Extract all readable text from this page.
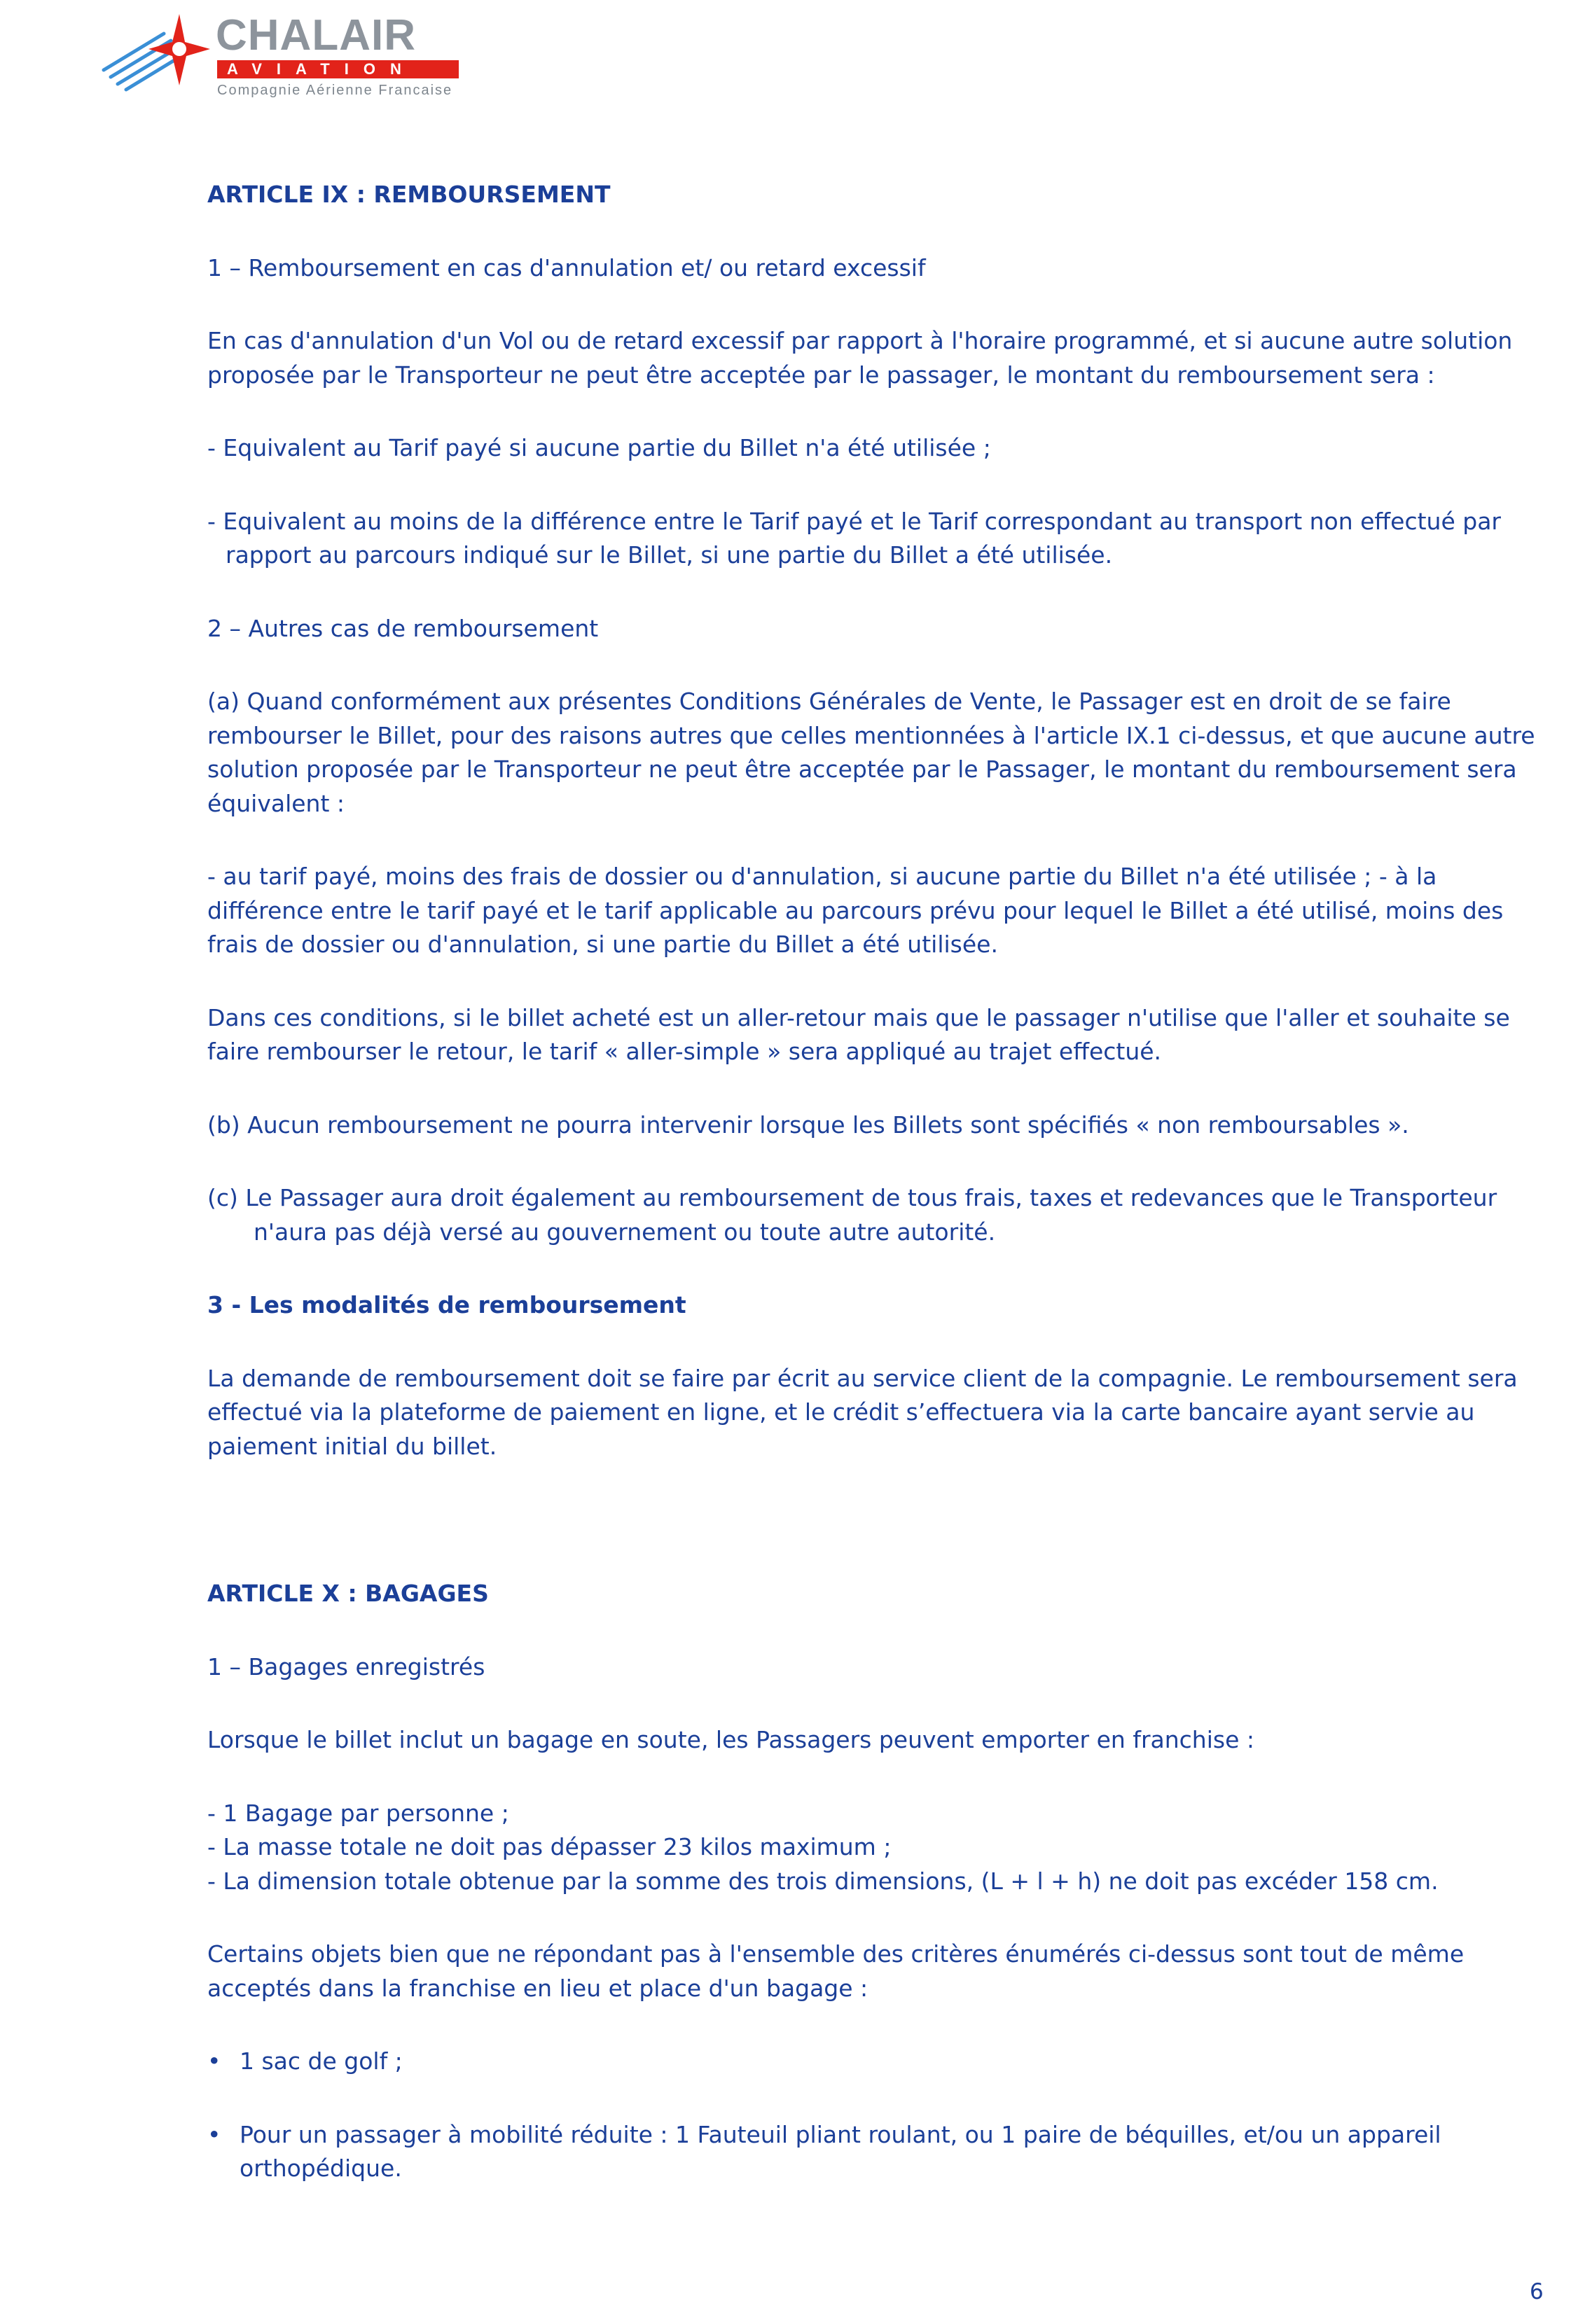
CHALAIR
AVIATION
Compagnie Aérienne Francaise

ARTICLE IX : REMBOURSEMENT

1 – Remboursement en cas d'annulation et/ ou retard excessif

En cas d'annulation d'un Vol ou de retard excessif par rapport à l'horaire programmé, et si aucune autre solution proposée par le Transporteur ne peut être acceptée par le passager, le montant du remboursement sera :

- Equivalent au Tarif payé si aucune partie du Billet n'a été utilisée ;

- Equivalent au moins de la différence entre le Tarif payé et le Tarif correspondant au transport non effectué par rapport au parcours indiqué sur le Billet, si une partie du Billet a été utilisée.

2 – Autres cas de remboursement

(a) Quand conformément aux présentes Conditions Générales de Vente, le Passager est en droit de se faire rembourser le Billet, pour des raisons autres que celles mentionnées à l'article IX.1 ci-dessus, et que aucune autre solution proposée par le Transporteur ne peut être acceptée par le Passager, le montant du remboursement sera équivalent :

- au tarif payé, moins des frais de dossier ou d'annulation, si aucune partie du Billet n'a été utilisée ; - à la différence entre le tarif payé et le tarif applicable au parcours prévu pour lequel le Billet a été utilisé, moins des frais de dossier ou d'annulation, si une partie du Billet a été utilisée.

Dans ces conditions, si le billet acheté est un aller-retour mais que le passager n'utilise que l'aller et souhaite se faire rembourser le retour, le tarif « aller-simple » sera appliqué au trajet effectué.

(b) Aucun remboursement ne pourra intervenir lorsque les Billets sont spécifiés « non remboursables ».

(c) Le Passager aura droit également au remboursement de tous frais, taxes et redevances que le Transporteur n'aura pas déjà versé au gouvernement ou toute autre autorité.

3 - Les modalités de remboursement

La demande de remboursement doit se faire par écrit au service client de la compagnie. Le remboursement sera effectué via la plateforme de paiement en ligne, et le crédit s’effectuera via la carte bancaire ayant servie au paiement initial du billet.

ARTICLE X : BAGAGES

1 – Bagages enregistrés

Lorsque le billet inclut un bagage en soute, les Passagers peuvent emporter en franchise :

- 1 Bagage par personne ;
- La masse totale ne doit pas dépasser 23 kilos maximum ;
- La dimension totale obtenue par la somme des trois dimensions, (L + l + h) ne doit pas excéder 158 cm.

Certains objets bien que ne répondant pas à l'ensemble des critères énumérés ci-dessus sont tout de même acceptés dans la franchise en lieu et place d'un bagage :

• 1 sac de golf ;

• Pour un passager à mobilité réduite : 1 Fauteuil pliant roulant, ou 1 paire de béquilles, et/ou un appareil orthopédique.

6
